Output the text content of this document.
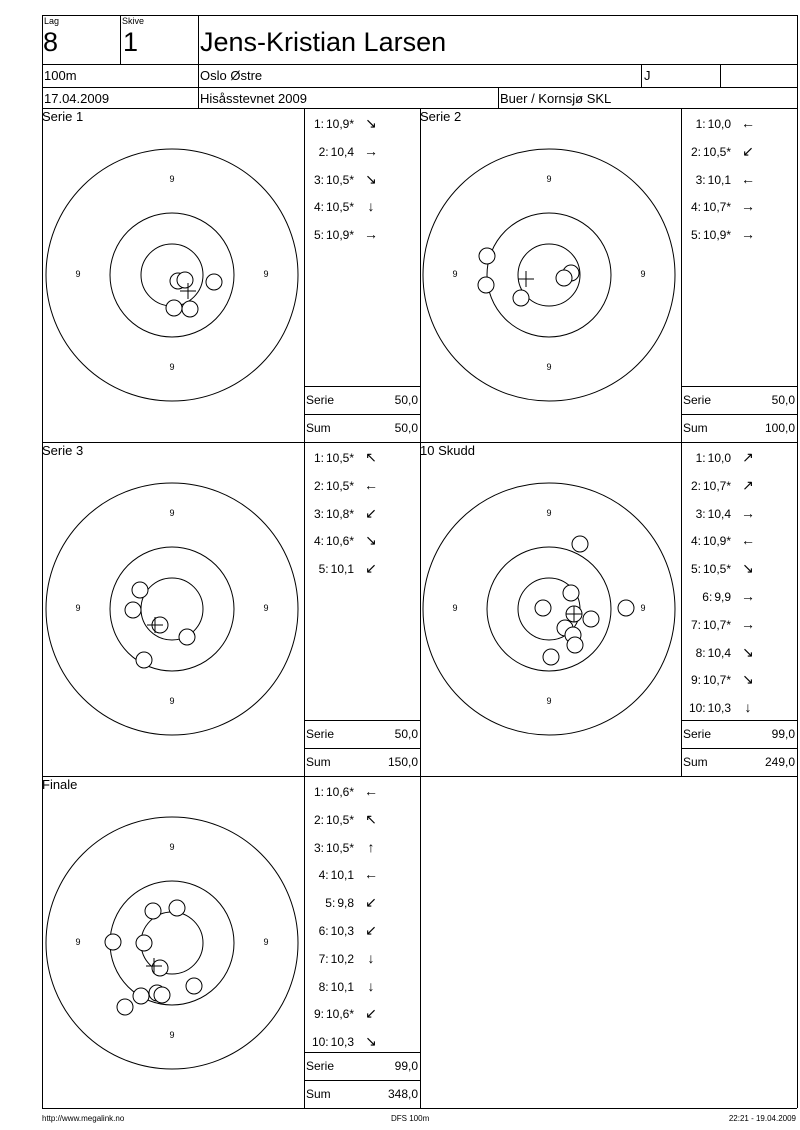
Lag
8
Skive
1 Jens-Kristian Larsen
100m	Oslo Østre	J
17.04.2009	Hisåsstevnet 2009	Buer / Kornsjø SKL
Serie 1
9
9
9	9
1: 10,9* ↘
2: 10,4 →
3: 10,5* ↘
4: 10,5* ↓
5: 10,9* →
Serie	50,0
Sum	50,0
Serie 2
9
9
9	9
1: 10,0 ←
2: 10,5* ↙
3: 10,1 ←
4: 10,7* →
5: 10,9* →
Serie	50,0
Sum	100,0
Serie 3
9
9
9	9
1: 10,5* ↖
2: 10,5* ←
3: 10,8* ↙
4: 10,6* ↘
5: 10,1 ↙
Serie	50,0
Sum	150,0
10 Skudd
9
9
9	9
1: 10,0 ↗
2: 10,7* ↗
3: 10,4 →
4: 10,9* ←
5: 10,5* ↘
6: 9,9 →
7: 10,7* →
8: 10,4 ↘
9: 10,7* ↘
10: 10,3 ↓
Serie	99,0
Sum	249,0
Finale
9
9
9	9
1: 10,6* ←
2: 10,5* ↖
3: 10,5* ↑
4: 10,1 ←
5: 9,8 ↙
6: 10,3 ↙
7: 10,2 ↓
8: 10,1 ↓
9: 10,6* ↙
10: 10,3 ↘
Serie	99,0
Sum	348,0
http://www.megalink.no	DFS 100m	22:21 - 19.04.2009
